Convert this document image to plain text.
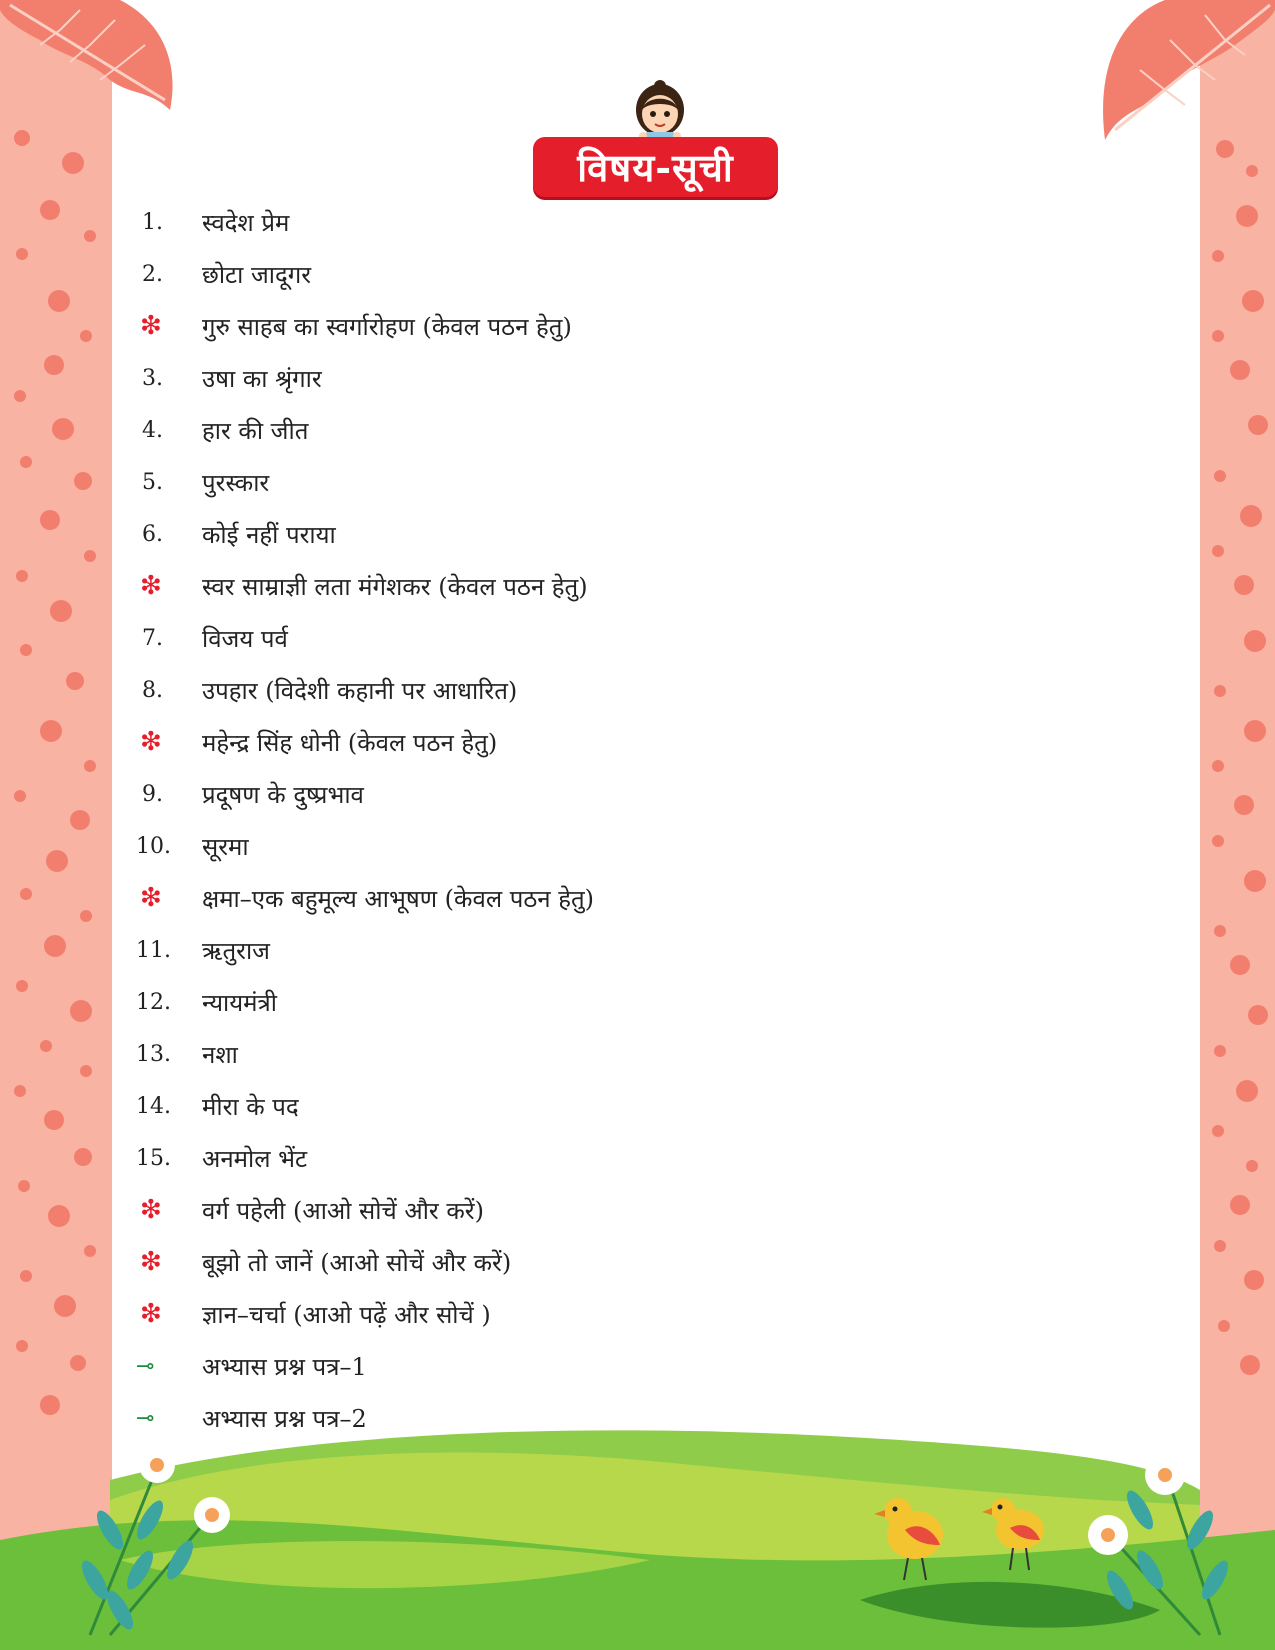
विषय-सूची
1.	स्वदेश प्रेम
2.	छोटा जादूगर
❇	गुरु साहब का स्वर्गारोहण (केवल पठन हेतु)
3.	उषा का श्रृंगार
4.	हार की जीत
5.	पुरस्कार
6.	कोई नहीं पराया
❇	स्वर साम्राज्ञी लता मंगेशकर (केवल पठन हेतु)
7.	विजय पर्व
8.	उपहार (विदेशी कहानी पर आधारित)
❇	महेन्द्र सिंह धोनी (केवल पठन हेतु)
9.	प्रदूषण के दुष्प्रभाव
10.	सूरमा
❇	क्षमा–एक बहुमूल्य आभूषण (केवल पठन हेतु)
11.	ऋतुराज
12.	न्यायमंत्री
13.	नशा
14.	मीरा के पद
15.	अनमोल भेंट
❇	वर्ग पहेली (आओ सोचें और करें)
❇	बूझो तो जानें (आओ सोचें और करें)
❇	ज्ञान–चर्चा (आओ पढ़ें और सोचें )
⊸	अभ्यास प्रश्न पत्र–1
⊸	अभ्यास प्रश्न पत्र–2
